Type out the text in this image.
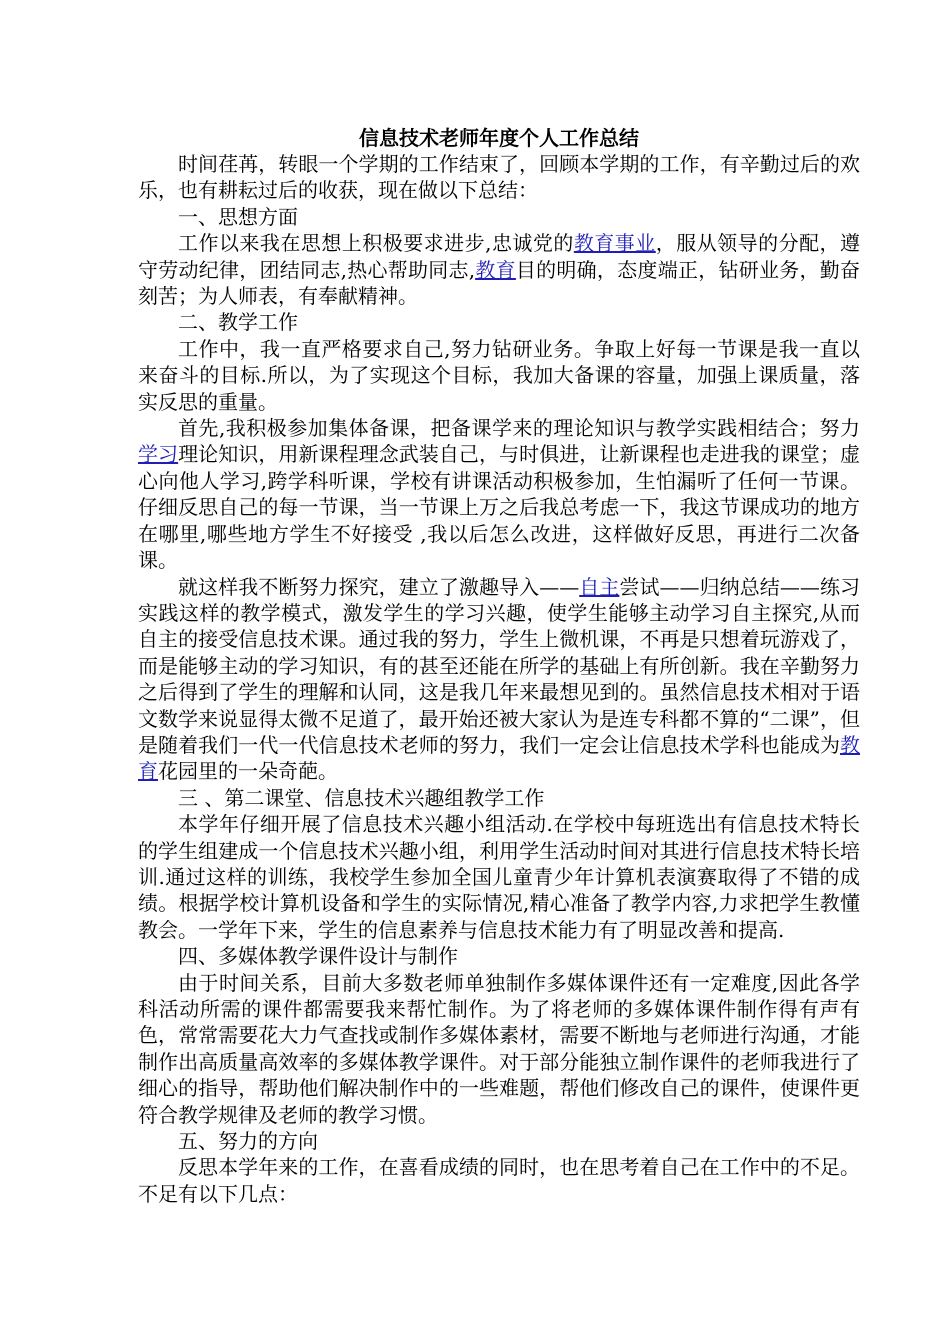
信息技术老师年度个人工作总结

时间荏苒，转眼一个学期的工作结束了，回顾本学期的工作，有辛勤过后的欢乐，也有耕耘过后的收获，现在做以下总结：

一、思想方面

工作以来我在思想上积极要求进步,忠诚党的教育事业，服从领导的分配，遵守劳动纪律，团结同志,热心帮助同志,教育目的明确，态度端正，钻研业务，勤奋刻苦；为人师表，有奉献精神。

二、教学工作

工作中，我一直严格要求自己,努力钻研业务。争取上好每一节课是我一直以来奋斗的目标.所以，为了实现这个目标，我加大备课的容量，加强上课质量，落实反思的重量。

首先,我积极参加集体备课，把备课学来的理论知识与教学实践相结合；努力学习理论知识，用新课程理念武装自己，与时俱进，让新课程也走进我的课堂；虚心向他人学习,跨学科听课，学校有讲课活动积极参加，生怕漏听了任何一节课。仔细反思自己的每一节课，当一节课上万之后我总考虑一下，我这节课成功的地方在哪里,哪些地方学生不好接受 ,我以后怎么改进，这样做好反思，再进行二次备课。

就这样我不断努力探究，建立了激趣导入——自主尝试——归纳总结——练习实践这样的教学模式，激发学生的学习兴趣，使学生能够主动学习自主探究,从而自主的接受信息技术课。通过我的努力，学生上微机课，不再是只想着玩游戏了，而是能够主动的学习知识，有的甚至还能在所学的基础上有所创新。我在辛勤努力之后得到了学生的理解和认同，这是我几年来最想见到的。虽然信息技术相对于语文数学来说显得太微不足道了，最开始还被大家认为是连专科都不算的“二课”，但是随着我们一代一代信息技术老师的努力，我们一定会让信息技术学科也能成为教育花园里的一朵奇葩。

三 、第二课堂、信息技术兴趣组教学工作

本学年仔细开展了信息技术兴趣小组活动.在学校中每班选出有信息技术特长的学生组建成一个信息技术兴趣小组，利用学生活动时间对其进行信息技术特长培训.通过这样的训练，我校学生参加全国儿童青少年计算机表演赛取得了不错的成绩。根据学校计算机设备和学生的实际情况,精心准备了教学内容,力求把学生教懂教会。一学年下来，学生的信息素养与信息技术能力有了明显改善和提高.

四、多媒体教学课件设计与制作

由于时间关系，目前大多数老师单独制作多媒体课件还有一定难度,因此各学科活动所需的课件都需要我来帮忙制作。为了将老师的多媒体课件制作得有声有色，常常需要花大力气查找或制作多媒体素材，需要不断地与老师进行沟通，才能制作出高质量高效率的多媒体教学课件。对于部分能独立制作课件的老师我进行了细心的指导，帮助他们解决制作中的一些难题，帮他们修改自己的课件，使课件更符合教学规律及老师的教学习惯。

五、努力的方向

反思本学年来的工作，在喜看成绩的同时，也在思考着自己在工作中的不足。不足有以下几点：
